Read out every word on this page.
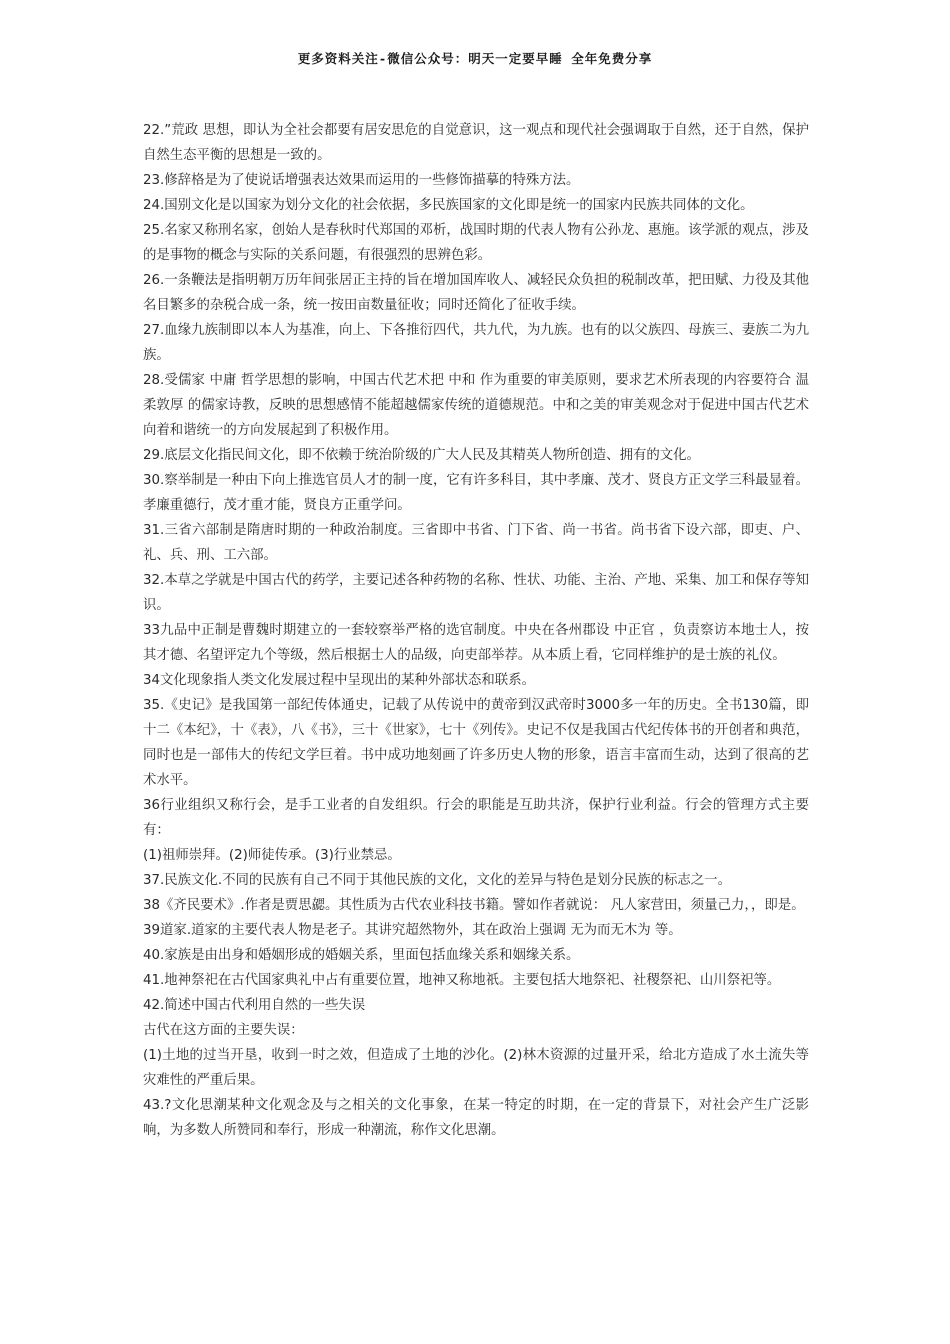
更多资料关注-微信公众号：明天一定要早睡 全年免费分享

22.”荒政 思想，即认为全社会都要有居安思危的自觉意识，这一观点和现代社会强调取于自然，还于自然，保护自然生态平衡的思想是一致的。

23.修辞格是为了使说话增强表达效果而运用的一些修饰描摹的特殊方法。

24.国别文化是以国家为划分文化的社会依据，多民族国家的文化即是统一的国家内民族共同体的文化。

25.名家又称刑名家，创始人是春秋时代郑国的邓析，战国时期的代表人物有公孙龙、惠施。该学派的观点，涉及的是事物的概念与实际的关系问题，有很强烈的思辨色彩。

26.一条鞭法是指明朝万历年间张居正主持的旨在增加国库收人、减轻民众负担的税制改革，把田赋、力役及其他名目繁多的杂税合成一条，统一按田亩数量征收；同时还简化了征收手续。

27.血缘九族制即以本人为基准，向上、下各推衍四代，共九代，为九族。也有的以父族四、母族三、妻族二为九族。

28.受儒家 中庸 哲学思想的影响，中国古代艺术把 中和 作为重要的审美原则，要求艺术所表现的内容要符合 温柔敦厚 的儒家诗教，反映的思想感情不能超越儒家传统的道德规范。中和之美的审美观念对于促进中国古代艺术向着和谐统一的方向发展起到了积极作用。

29.底层文化指民间文化，即不依赖于统治阶级的广大人民及其精英人物所创造、拥有的文化。

30.察举制是一种由下向上推选官员人才的制一度，它有许多科目，其中孝廉、茂才、贤良方正文学三科最显着。孝廉重德行，茂才重才能，贤良方正重学问。

31.三省六部制是隋唐时期的一种政治制度。三省即中书省、门下省、尚一书省。尚书省下设六部，即吏、户、礼、兵、刑、工六部。

32.本草之学就是中国古代的药学，主要记述各种药物的名称、性状、功能、主治、产地、采集、加工和保存等知识。

33九品中正制是曹魏时期建立的一套较察举严格的选官制度。中央在各州郡设 中正官 ，负责察访本地士人，按其才德、名望评定九个等级，然后根据士人的品级，向吏部举荐。从本质上看，它同样维护的是士族的礼仪。

34文化现象指人类文化发展过程中呈现出的某种外部状态和联系。

35.《史记》是我国第一部纪传体通史，记载了从传说中的黄帝到汉武帝时3000多一年的历史。全书130篇，即十二《本纪》，十《表》，八《书》，三十《世家》，七十《列传》。史记不仅是我国古代纪传体书的开创者和典范，同时也是一部伟大的传纪文学巨着。书中成功地刻画了许多历史人物的形象，语言丰富而生动，达到了很高的艺术水平。

36行业组织又称行会，是手工业者的自发组织。行会的职能是互助共济，保护行业利益。行会的管理方式主要有：

(1)祖师崇拜。(2)师徒传承。(3)行业禁忌。

37.民族文化.不同的民族有自己不同于其他民族的文化，文化的差异与特色是划分民族的标志之一。

38《齐民要术》.作者是贾思勰。其性质为古代农业科技书籍。譬如作者就说： 凡人家营田，须量己力，，即是。

39道家.道家的主要代表人物是老子。其讲究超然物外，其在政治上强调 无为而无木为 等。

40.家族是由出身和婚姻形成的婚姻关系，里面包括血缘关系和姻缘关系。

41.地神祭祀在古代国家典礼中占有重要位置，地神又称地祇。主要包括大地祭祀、社稷祭祀、山川祭祀等。

42.简述中国古代利用自然的一些失误

古代在这方面的主要失误：

(1)土地的过当开垦，收到一时之效，但造成了土地的沙化。(2)林木资源的过量开采，给北方造成了水土流失等灾难性的严重后果。

43.?文化思潮某种文化观念及与之相关的文化事象，在某一特定的时期，在一定的背景下，对社会产生广泛影响，为多数人所赞同和奉行，形成一种潮流，称作文化思潮。
